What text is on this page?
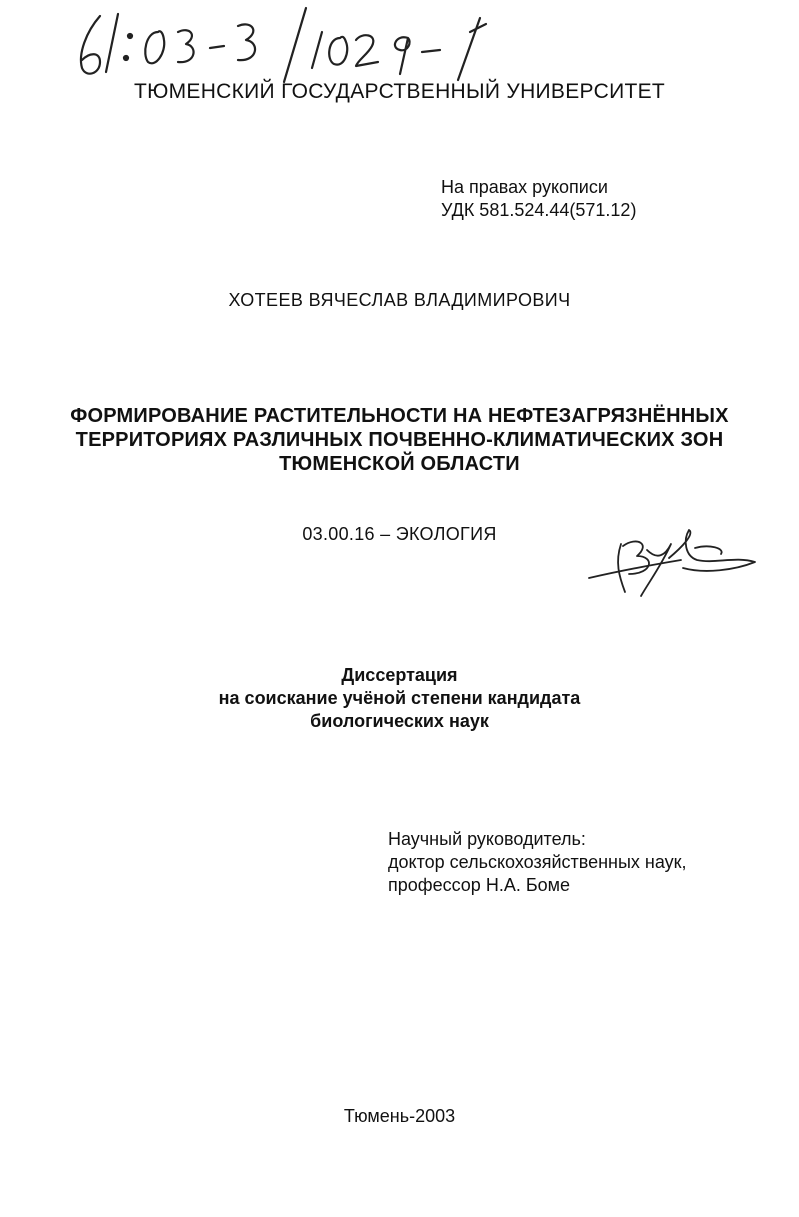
ТЮМЕНСКИЙ ГОСУДАРСТВЕННЫЙ УНИВЕРСИТЕТ
На правах рукописи
УДК 581.524.44(571.12)
ХОТЕЕВ ВЯЧЕСЛАВ ВЛАДИМИРОВИЧ
ФОРМИРОВАНИЕ РАСТИТЕЛЬНОСТИ НА НЕФТЕЗАГРЯЗНЁННЫХ
ТЕРРИТОРИЯХ РАЗЛИЧНЫХ ПОЧВЕННО-КЛИМАТИЧЕСКИХ ЗОН
ТЮМЕНСКОЙ ОБЛАСТИ
03.00.16 – ЭКОЛОГИЯ
Диссертация
на соискание учёной степени кандидата
биологических наук
Научный руководитель:
доктор сельскохозяйственных наук,
профессор Н.А. Боме
Тюмень-2003
